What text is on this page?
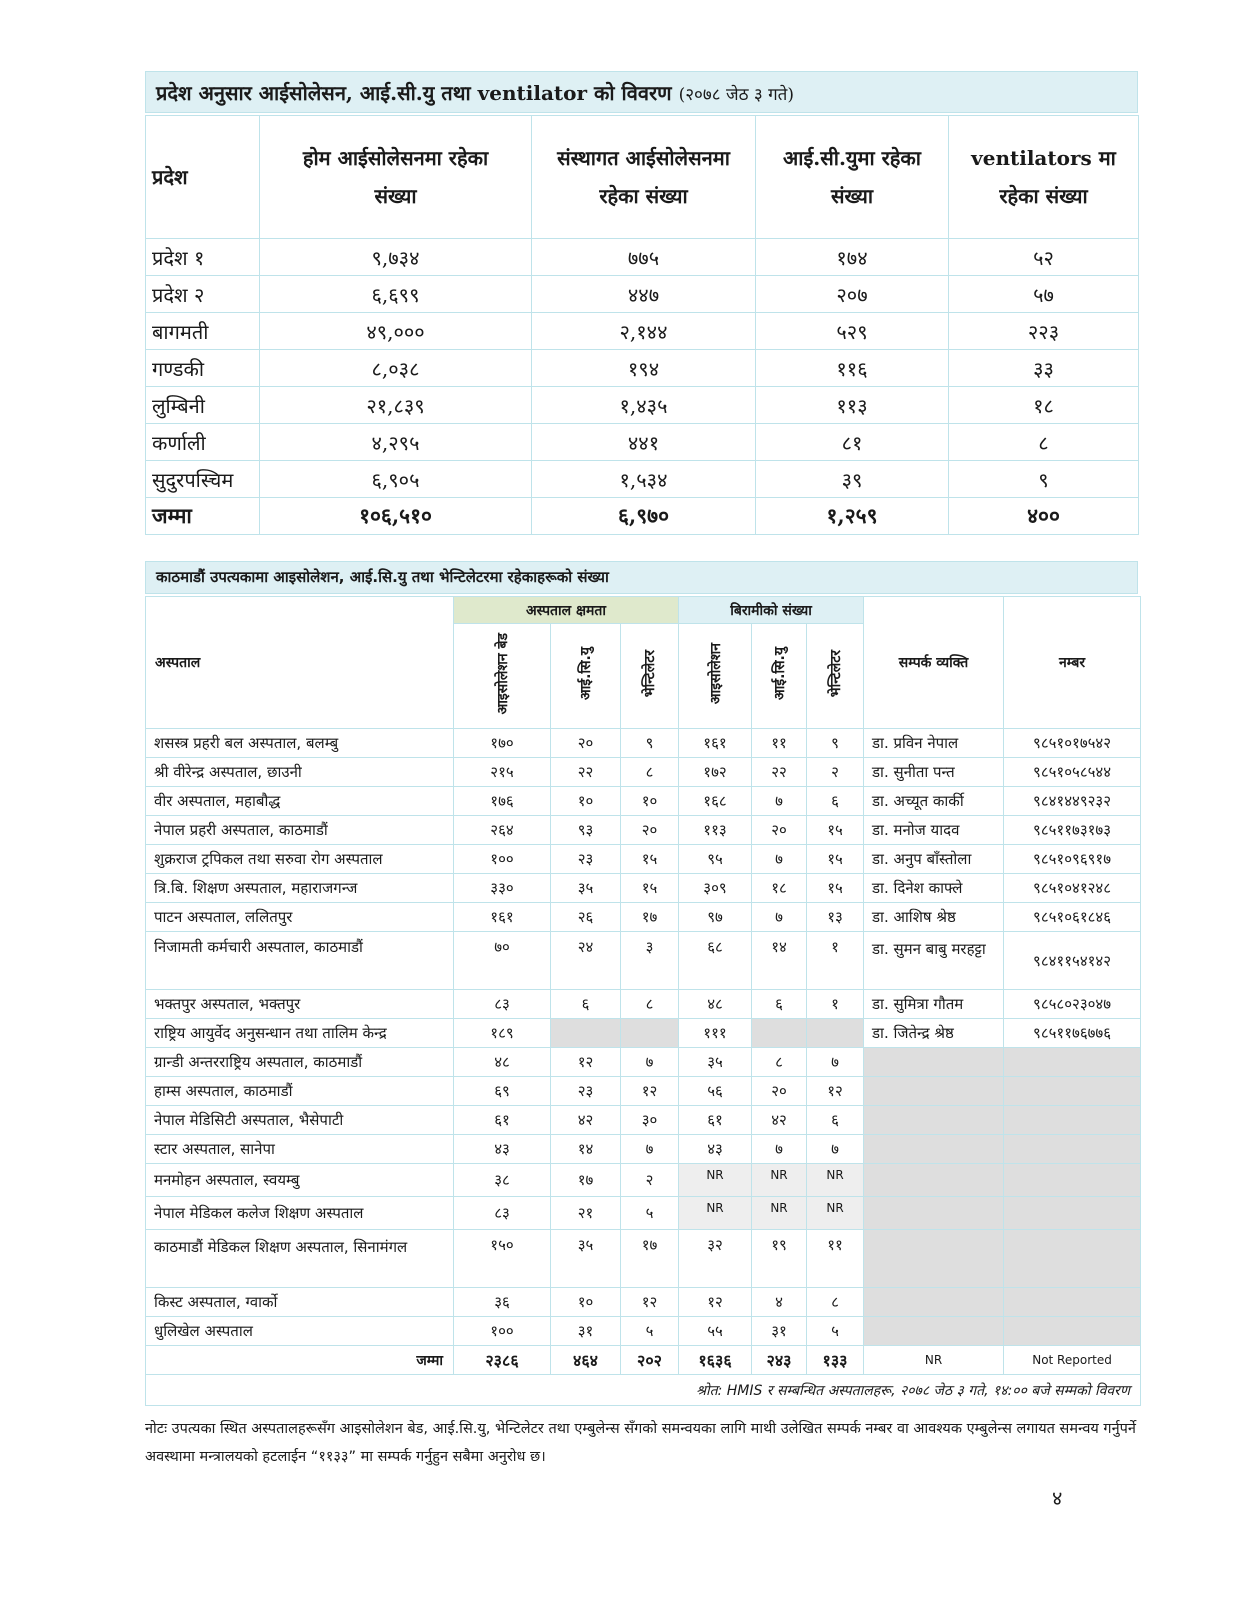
प्रदेश अनुसार आईसोलेसन, आई.सी.यु तथा ventilator को विवरण (२०७८ जेठ ३ गते)
प्रदेश	होम आईसोलेसनमा रहेका संख्या	संस्थागत आईसोलेसनमा रहेका संख्या	आई.सी.युमा रहेका संख्या	ventilators मा रहेका संख्या
प्रदेश १	९,७३४	७७५	१७४	५२
प्रदेश २	६,६९९	४४७	२०७	५७
बागमती	४९,०००	२,१४४	५२९	२२३
गण्डकी	८,०३८	१९४	११६	३३
लुम्बिनी	२१,८३९	१,४३५	११३	१८
कर्णाली	४,२९५	४४१	८१	८
सुदुरपस्चिम	६,९०५	१,५३४	३९	९
जम्मा	१०६,५१०	६,९७०	१,२५९	४००
काठमाडौं उपत्यकामा आइसोलेशन, आई.सि.यु तथा भेन्टिलेटरमा रहेकाहरूको संख्या
अस्पताल	अस्पताल क्षमता			बिरामीको संख्या			सम्पर्क व्यक्ति	नम्बर
	आइसोलेशन बेड	आई.सि.यु	भेन्टिलेटर	आइसोलेशन	आई.सि.यु	भेन्टिलेटर		
शसस्त्र प्रहरी बल अस्पताल, बलम्बु	१७०	२०	९	१६१	११	९	डा. प्रविन नेपाल	९८५१०१७५४२
श्री वीरेन्द्र अस्पताल, छाउनी	२१५	२२	८	१७२	२२	२	डा. सुनीता पन्त	९८५१०५८५४४
वीर अस्पताल, महाबौद्ध	१७६	१०	१०	१६८	७	६	डा. अच्यूत कार्की	९८४१४४९२३२
नेपाल प्रहरी अस्पताल, काठमाडौं	२६४	९३	२०	११३	२०	१५	डा. मनोज यादव	९८५११७३१७३
शुक्रराज ट्रपिकल तथा सरुवा रोग अस्पताल	१००	२३	१५	९५	७	१५	डा. अनुप बाँस्तोला	९८५१०९६९१७
त्रि.बि. शिक्षण अस्पताल, महाराजगन्ज	३३०	३५	१५	३०९	१८	१५	डा. दिनेश काफ्ले	९८५१०४१२४८
पाटन अस्पताल, ललितपुर	१६१	२६	१७	९७	७	१३	डा. आशिष श्रेष्ठ	९८५१०६१८४६
निजामती कर्मचारी अस्पताल, काठमाडौं	७०	२४	३	६८	१४	१	डा. सुमन बाबु मरहट्टा	९८४११५४१४२
भक्तपुर अस्पताल, भक्तपुर	८३	६	८	४८	६	१	डा. सुमित्रा गौतम	९८५८०२३०४७
राष्ट्रिय आयुर्वेद अनुसन्धान तथा तालिम केन्द्र	१८९			१११			डा. जितेन्द्र श्रेष्ठ	९८५११७६७७६
ग्रान्डी अन्तरराष्ट्रिय अस्पताल, काठमाडौं	४८	१२	७	३५	८	७		
हाम्स अस्पताल, काठमाडौं	६९	२३	१२	५६	२०	१२		
नेपाल मेडिसिटी अस्पताल, भैसेपाटी	६१	४२	३०	६१	४२	६		
स्टार अस्पताल, सानेपा	४३	१४	७	४३	७	७		
मनमोहन अस्पताल, स्वयम्बु	३८	१७	२	NR	NR	NR		
नेपाल मेडिकल कलेज शिक्षण अस्पताल	८३	२१	५	NR	NR	NR		
काठमाडौं मेडिकल शिक्षण अस्पताल, सिनामंगल	१५०	३५	१७	३२	१९	११		
किस्ट अस्पताल, ग्वार्को	३६	१०	१२	१२	४	८		
धुलिखेल अस्पताल	१००	३१	५	५५	३१	५		
जम्मा	२३८६	४६४	२०२	१६३६	२४३	१३३	NR	Not Reported
श्रोत: HMIS र सम्बन्धित अस्पतालहरू, २०७८ जेठ ३ गते, १४:०० बजे सम्मको विवरण								
नोटः उपत्यका स्थित अस्पतालहरूसँग आइसोलेशन बेड, आई.सि.यु, भेन्टिलेटर तथा एम्बुलेन्स सँगको समन्वयका लागि माथी उलेखित सम्पर्क नम्बर वा आवश्यक एम्बुलेन्स लगायत समन्वय गर्नुपर्ने अवस्थामा मन्त्रालयको हटलाईन “११३३” मा सम्पर्क गर्नुहुन सबैमा अनुरोध छ।
४
